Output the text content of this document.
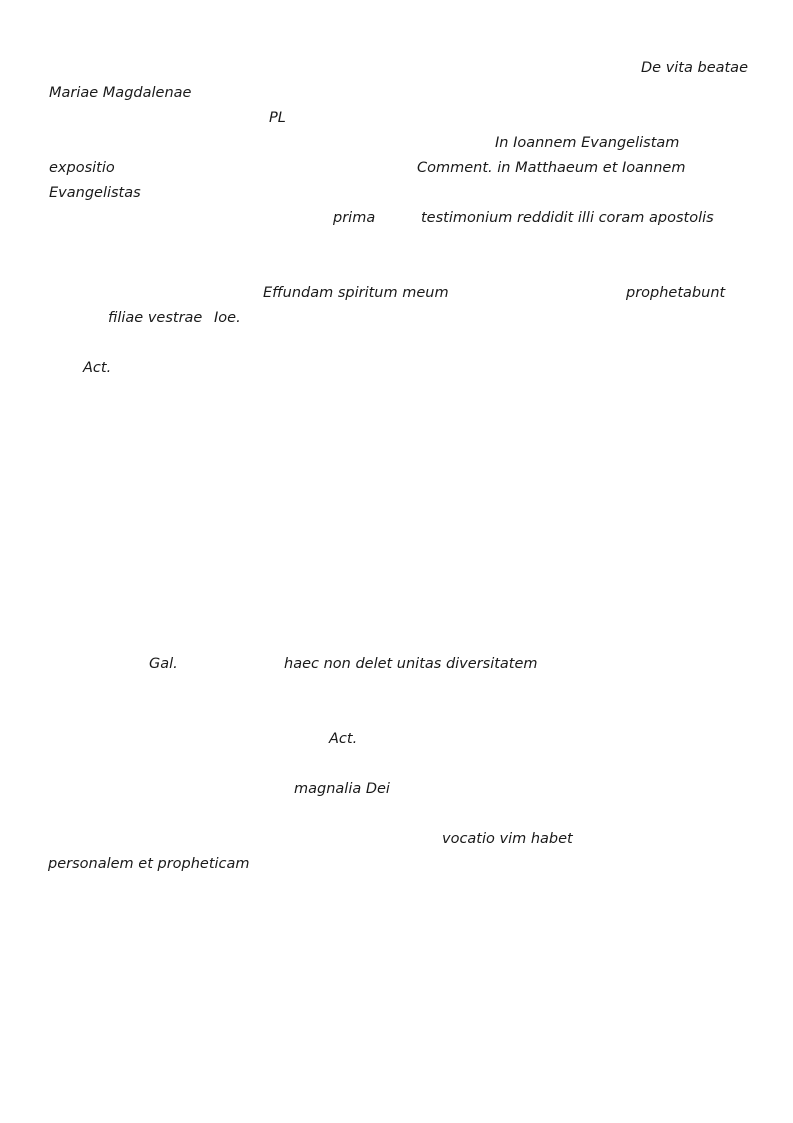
De vita beatae
Mariae Magdalenae
PL
In Ioannem Evangelistam
expositio	Comment. in Matthaeum et Ioannem
Evangelistas
prima	testimonium reddidit illi coram apostolis
Effundam spiritum meum	prophetabunt
filiae vestrae Ioe.
Act.
Gal.	haec non delet unitas diversitatem
Act.
magnalia Dei
vocatio vim habet
personalem et propheticam
